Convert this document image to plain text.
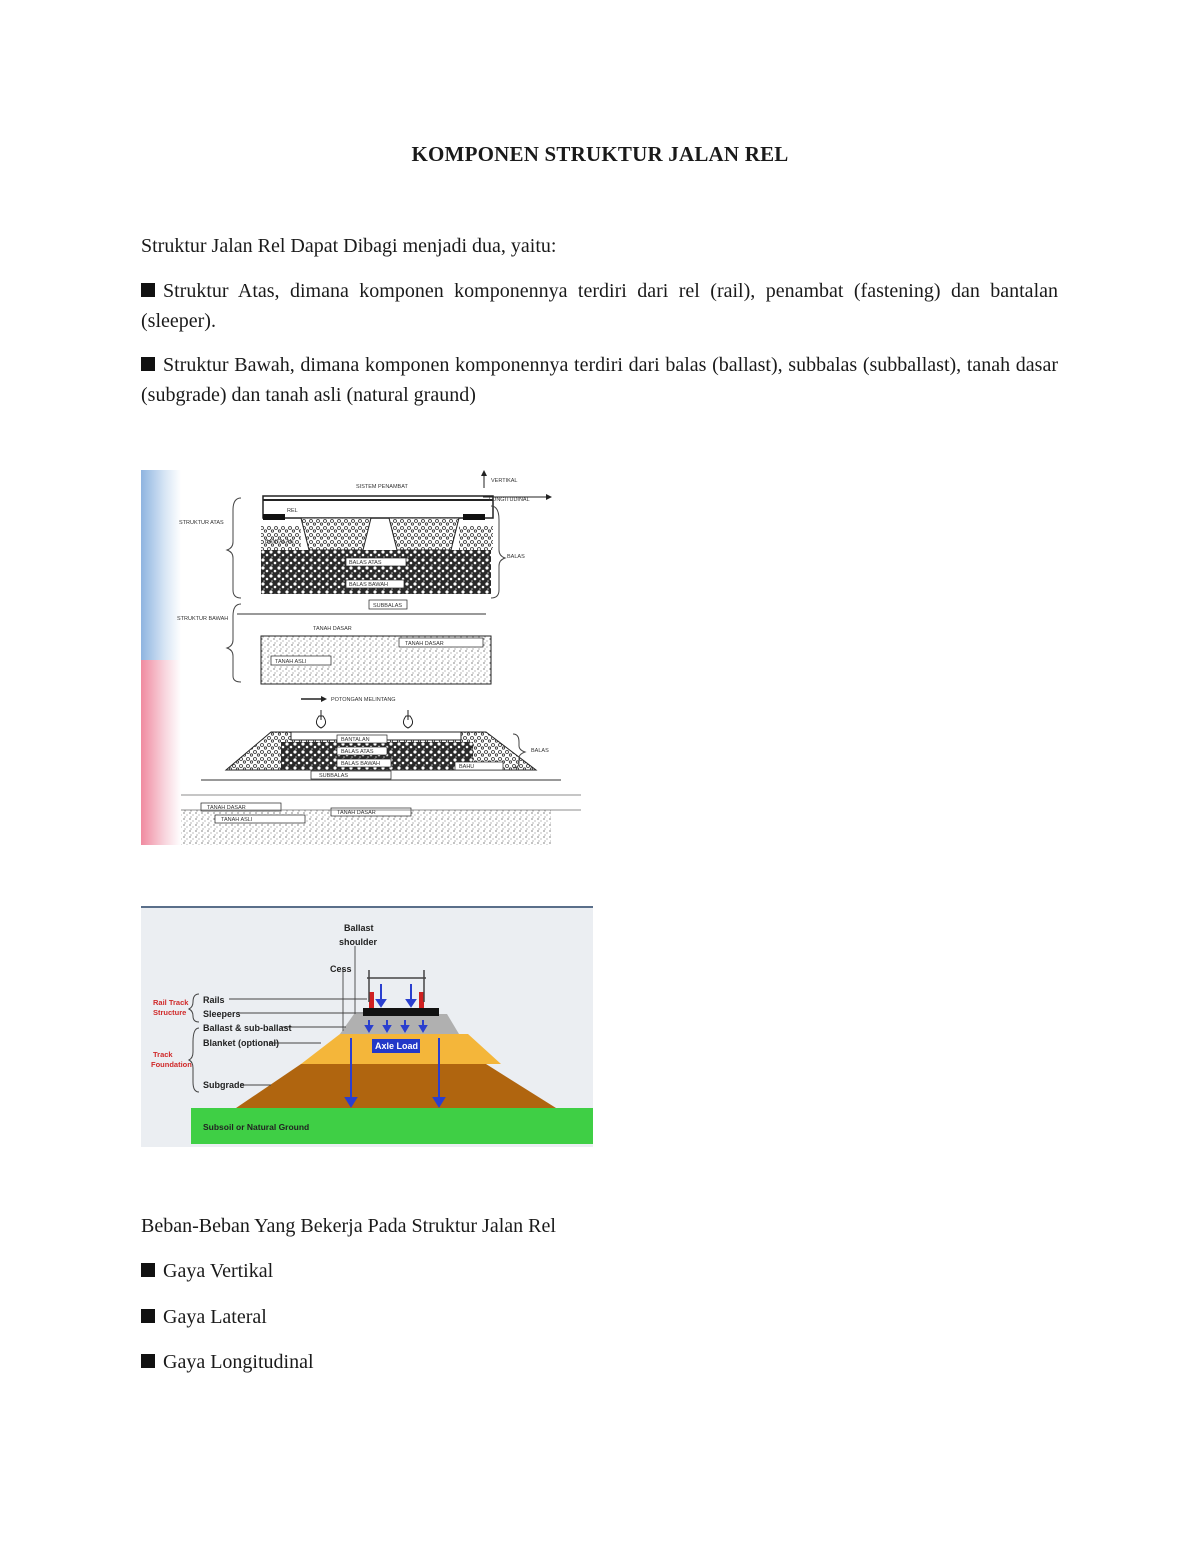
KOMPONEN STRUKTUR JALAN REL
Struktur Jalan Rel Dapat Dibagi menjadi dua, yaitu:
Struktur Atas, dimana komponen komponennya terdiri dari rel (rail), penambat (fastening) dan bantalan (sleeper).
Struktur Bawah, dimana komponen komponennya terdiri dari balas (ballast), subbalas (subballast), tanah dasar (subgrade) dan tanah asli (natural graund)
SISTEM PENAMBAT
VERTIKAL
LONGITUDINAL
STRUKTUR ATAS
REL
BANTALAN
BALAS
BALAS ATAS
BALAS BAWAH
SUBBALAS
STRUKTUR BAWAH
TANAH DASAR
TANAH DASAR
TANAH ASLI
POTONGAN MELINTANG
BANTALAN
BALAS ATAS
BALAS BAWAH
SUBBALAS
BAHU
BALAS
TANAH DASAR
TANAH DASAR
TANAH ASLI
Ballast
shoulder
Cess
Rails
Sleepers
Ballast & sub-ballast
Blanket (optional)
Subgrade
Subsoil or Natural Ground
Axle Load
Rail Track
Structure
Track
Foundation
Beban-Beban Yang Bekerja Pada Struktur Jalan Rel
Gaya Vertikal
Gaya Lateral
Gaya Longitudinal
